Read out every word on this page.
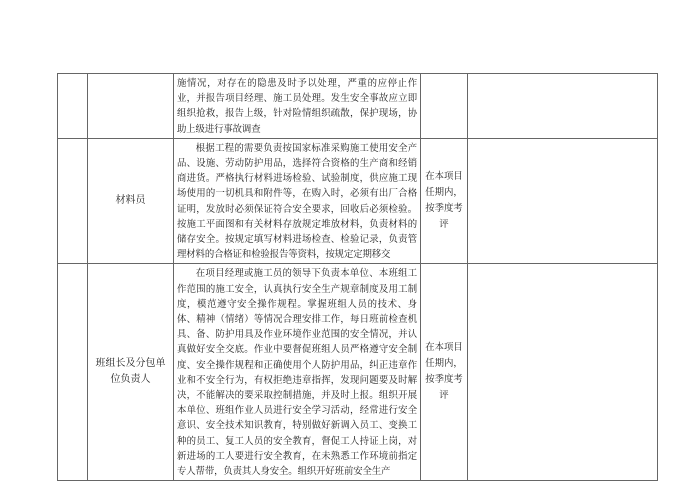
		施情况，对存在的隐患及时予以处理，严重的应停止作业，并报告项目经理、施工员处理。发生安全事故应立即组织抢救，报告上级，针对险情组织疏散，保护现场，协助上级进行事故调查		

	材料员	根据工程的需要负责按国家标准采购施工使用安全产品、设施、劳动防护用品，选择符合资格的生产商和经销商进货。严格执行材料进场检验、试验制度，供应施工现场使用的一切机具和附件等，在购入时，必须有出厂合格证明，发放时必须保证符合安全要求，回收后必须检验。按施工平面图和有关材料存放规定堆放材料，负责材料的储存安全。按规定填写材料进场检查、检验记录，负责管理材料的合格证和检验报告等资料，按规定定期移交	在本项目任期内，按季度考评	
	班组长及分包单位负责人	在项目经理或施工员的领导下负责本单位、本班组工作范围的施工安全，认真执行安全生产规章制度及用工制度，模范遵守安全操作规程。掌握班组人员的技术、身体、精神（情绪）等情况合理安排工作，每日班前检查机具、备、防护用具及作业环境作业范围的安全情况，并认真做好安全交底。作业中要督促班组人员严格遵守安全制度、安全操作规程和正确使用个人防护用品，纠正违章作业和不安全行为，有权拒绝违章指挥，发现问题要及时解决，不能解决的要采取控制措施，并及时上报。组织开展本单位、班组作业人员进行安全学习活动，经常进行安全意识、安全技术知识教育，特别做好新调入员工、变换工种的员工、复工人员的安全教育，督促工人持证上岗，对新进场的工人要进行安全教育，在未熟悉工作环境前指定专人帮带，负责其人身安全。组织开好班前安全生产	在本项目任期内，按季度考评	
